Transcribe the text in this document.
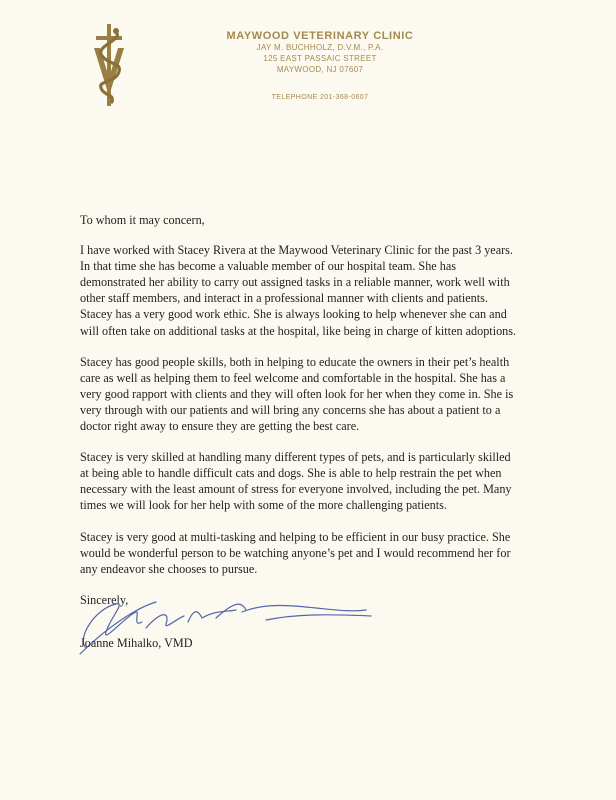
MAYWOOD VETERINARY CLINIC
JAY M. BUCHHOLZ, D.V.M., P.A.
125 EAST PASSAIC STREET
MAYWOOD, NJ 07607
TELEPHONE 201-368-0607

To whom it may concern,

I have worked with Stacey Rivera at the Maywood Veterinary Clinic for the past 3 years.
In that time she has become a valuable member of our hospital team. She has
demonstrated her ability to carry out assigned tasks in a reliable manner, work well with
other staff members, and interact in a professional manner with clients and patients.
Stacey has a very good work ethic. She is always looking to help whenever she can and
will often take on additional tasks at the hospital, like being in charge of kitten adoptions.

Stacey has good people skills, both in helping to educate the owners in their pet’s health
care as well as helping them to feel welcome and comfortable in the hospital. She has a
very good rapport with clients and they will often look for her when they come in. She is
very through with our patients and will bring any concerns she has about a patient to a
doctor right away to ensure they are getting the best care.

Stacey is very skilled at handling many different types of pets, and is particularly skilled
at being able to handle difficult cats and dogs. She is able to help restrain the pet when
necessary with the least amount of stress for everyone involved, including the pet. Many
times we will look for her help with some of the more challenging patients.

Stacey is very good at multi-tasking and helping to be efficient in our busy practice. She
would be wonderful person to be watching anyone’s pet and I would recommend her for
any endeavor she chooses to pursue.

Sincerely,

Joanne Mihalko, VMD
